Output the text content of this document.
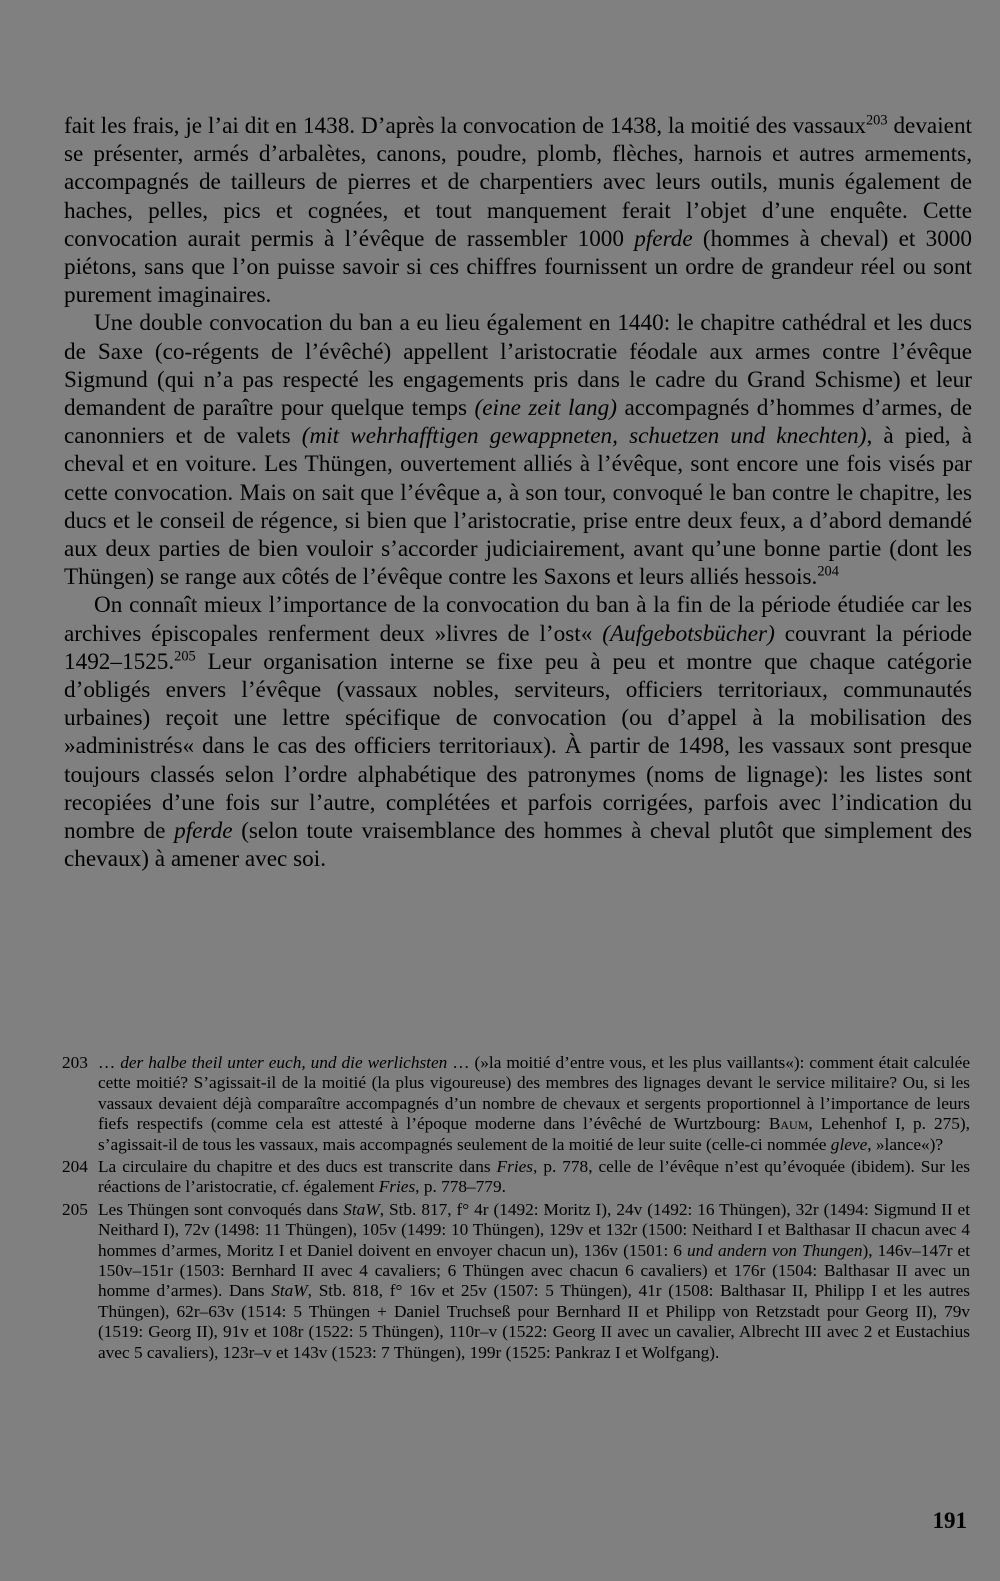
fait les frais, je l’ai dit en 1438. D’après la convocation de 1438, la moitié des vassaux$^{203}$ devaient se présenter, armés d’arbalètes, canons, poudre, plomb, flèches, harnois et autres armements, accompagnés de tailleurs de pierres et de charpentiers avec leurs outils, munis également de haches, pelles, pics et cognées, et tout manquement ferait l’objet d’une enquête. Cette convocation aurait permis à l’évêque de rassembler 1000 pferde (hommes à cheval) et 3000 piétons, sans que l’on puisse savoir si ces chiffres fournissent un ordre de grandeur réel ou sont purement imaginaires.

Une double convocation du ban a eu lieu également en 1440: le chapitre cathédral et les ducs de Saxe (co-régents de l’évêché) appellent l’aristocratie féodale aux armes contre l’évêque Sigmund (qui n’a pas respecté les engagements pris dans le cadre du Grand Schisme) et leur demandent de paraître pour quelque temps (eine zeit lang) accompagnés d’hommes d’armes, de canonniers et de valets (mit wehrhafftigen gewappneten, schuetzen und knechten), à pied, à cheval et en voiture. Les Thüngen, ouvertement alliés à l’évêque, sont encore une fois visés par cette convocation. Mais on sait que l’évêque a, à son tour, convoqué le ban contre le chapitre, les ducs et le conseil de régence, si bien que l’aristocratie, prise entre deux feux, a d’abord demandé aux deux parties de bien vouloir s’accorder judiciairement, avant qu’une bonne partie (dont les Thüngen) se range aux côtés de l’évêque contre les Saxons et leurs alliés hessois.$^{204}$

On connaît mieux l’importance de la convocation du ban à la fin de la période étudiée car les archives épiscopales renferment deux »livres de l’ost« (Aufgebotsbücher) couvrant la période 1492–1525.$^{205}$ Leur organisation interne se fixe peu à peu et montre que chaque catégorie d’obligés envers l’évêque (vassaux nobles, serviteurs, officiers territoriaux, communautés urbaines) reçoit une lettre spécifique de convocation (ou d’appel à la mobilisation des »administrés« dans le cas des officiers territoriaux). À partir de 1498, les vassaux sont presque toujours classés selon l’ordre alphabétique des patronymes (noms de lignage): les listes sont recopiées d’une fois sur l’autre, complétées et parfois corrigées, parfois avec l’indication du nombre de pferde (selon toute vraisemblance des hommes à cheval plutôt que simplement des chevaux) à amener avec soi.

203 … der halbe theil unter euch, und die werlichsten … (»la moitié d’entre vous, et les plus vaillants«): comment était calculée cette moitié? S’agissait-il de la moitié (la plus vigoureuse) des membres des lignages devant le service militaire? Ou, si les vassaux devaient déjà comparaître accompagnés d’un nombre de chevaux et sergents proportionnel à l’importance de leurs fiefs respectifs (comme cela est attesté à l’époque moderne dans l’évêché de Wurtzbourg: Baum, Lehenhof I, p. 275), s’agissait-il de tous les vassaux, mais accompagnés seulement de la moitié de leur suite (celle-ci nommée gleve, »lance«)?
204 La circulaire du chapitre et des ducs est transcrite dans Fries, p. 778, celle de l’évêque n’est qu’évoquée (ibidem). Sur les réactions de l’aristocratie, cf. également Fries, p. 778–779.
205 Les Thüngen sont convoqués dans StaW, Stb. 817, f° 4r (1492: Moritz I), 24v (1492: 16 Thüngen), 32r (1494: Sigmund II et Neithard I), 72v (1498: 11 Thüngen), 105v (1499: 10 Thüngen), 129v et 132r (1500: Neithard I et Balthasar II chacun avec 4 hommes d’armes, Moritz I et Daniel doivent en envoyer chacun un), 136v (1501: 6 und andern von Thungen), 146v–147r et 150v–151r (1503: Bernhard II avec 4 cavaliers; 6 Thüngen avec chacun 6 cavaliers) et 176r (1504: Balthasar II avec un homme d’armes). Dans StaW, Stb. 818, f° 16v et 25v (1507: 5 Thüngen), 41r (1508: Balthasar II, Philipp I et les autres Thüngen), 62r–63v (1514: 5 Thüngen + Daniel Truchseß pour Bernhard II et Philipp von Retzstadt pour Georg II), 79v (1519: Georg II), 91v et 108r (1522: 5 Thüngen), 110r–v (1522: Georg II avec un cavalier, Albrecht III avec 2 et Eustachius avec 5 cavaliers), 123r–v et 143v (1523: 7 Thüngen), 199r (1525: Pankraz I et Wolfgang).
191
